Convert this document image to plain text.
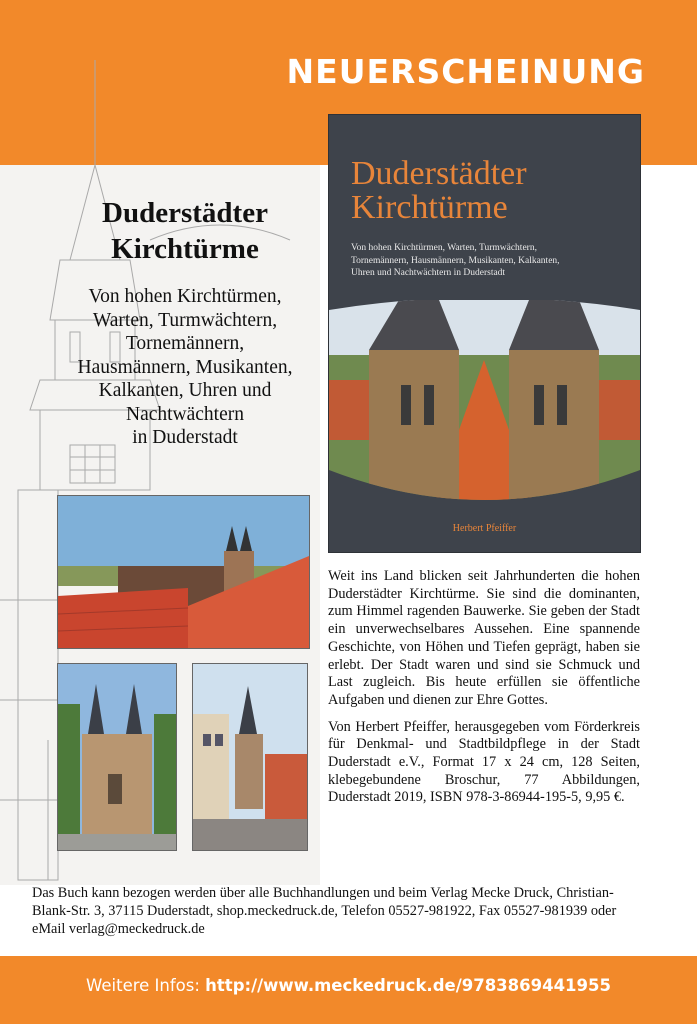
NEUERSCHEINUNG
Duderstädter
Kirchtürme
Von hohen Kirchtürmen,
Warten, Turmwächtern,
Tornemännern,
Hausmännern, Musikanten,
Kalkanten, Uhren und
Nachtwächtern
in Duderstadt
Duderstädter
Kirchtürme
Von hohen Kirchtürmen, Warten, Turmwächtern,
Tornemännern, Hausmännern, Musikanten, Kalkanten,
Uhren und Nachtwächtern in Duderstadt
Herbert Pfeiffer

Weit ins Land blicken seit Jahrhunderten die hohen Duderstädter Kirchtürme. Sie sind die dominanten, zum Himmel ragenden Bauwerke. Sie geben der Stadt ein unverwechselbares Aussehen. Eine spannende Geschichte, von Höhen und Tiefen geprägt, haben sie erlebt. Der Stadt waren und sind sie Schmuck und Last zugleich. Bis heute erfüllen sie öffentliche Aufgaben und dienen zur Ehre Gottes.

Von Herbert Pfeiffer, herausgegeben vom Förderkreis für Denkmal- und Stadtbildpflege in der Stadt Duderstadt e.V., Format 17 x 24 cm, 128 Seiten, klebegebundene Broschur, 77 Abbildungen, Duderstadt 2019, ISBN 978-3-86944-195-5, 9,95 €.

Das Buch kann bezogen werden über alle Buchhandlungen und beim Verlag Mecke Druck, Christian-Blank-Str. 3, 37115 Duderstadt, shop.meckedruck.de, Telefon 05527-981922, Fax 05527-981939 oder eMail verlag@meckedruck.de
Weitere Infos: http://www.meckedruck.de/9783869441955
